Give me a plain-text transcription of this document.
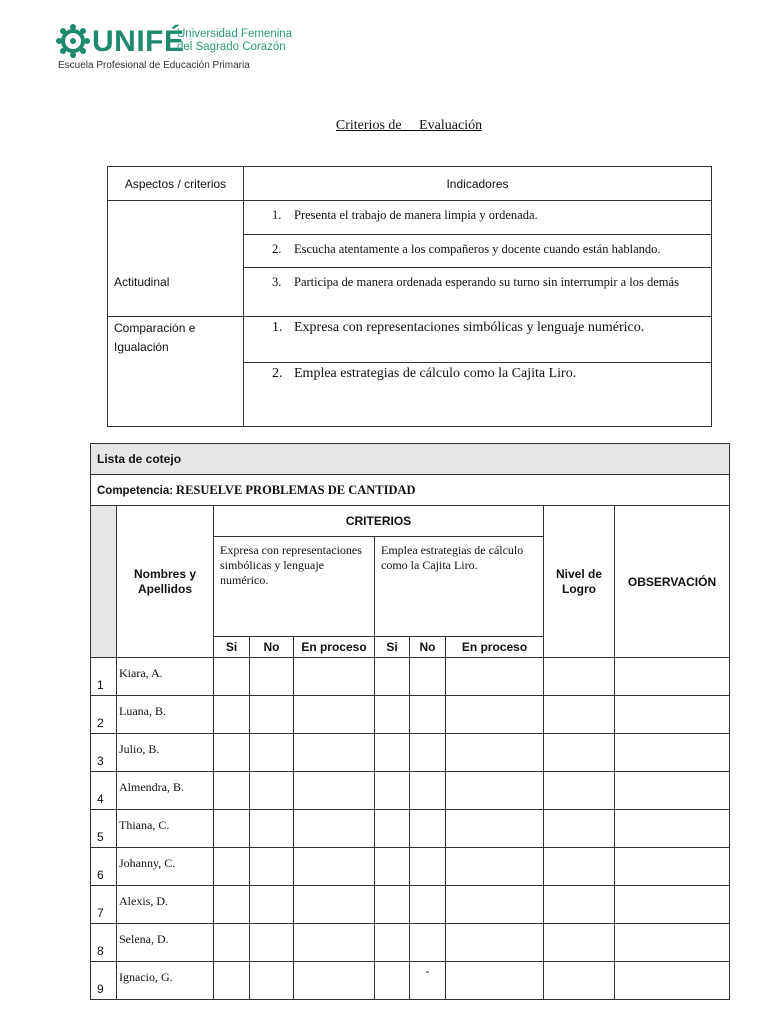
UNIFÉ
Universidad Femenina
del Sagrado Corazón
Escuela Profesional de Educación Primaria
Criterios de     Evaluación
Aspectos / criterios	Indicadores
Actitudinal	1. Presenta el trabajo de manera limpia y ordenada.

	2. Escucha atentamente a los compañeros y docente cuando están hablando.

	3. Participa de manera ordenada esperando su turno sin interrumpir a los demás

Comparación e Igualación	1. Expresa con representaciones simbólicas y lenguaje numérico.

	2. Emplea estrategias de cálculo como la Cajita Liro.
Lista de cotejo									
Competencia: RESUELVE PROBLEMAS DE CANTIDAD									
	Nombres y Apellidos	CRITERIOS							
		Expresa con representaciones simbólicas y lenguaje numérico.			Emplea estrategias de cálculo como la Cajita Liro.				
								Nivel de Logro	OBSERVACIÓN
		Si	No	En proceso	Si	No	En proceso		
1	Kiara, A.								
2	Luana, B.								
3	Julio, B.								
4	Almendra, B.								
5	Thiana, C.								
6	Johanny, C.								
7	Alexis, D.								
8	Selena, D.								
9	Ignacio, G.					-			
